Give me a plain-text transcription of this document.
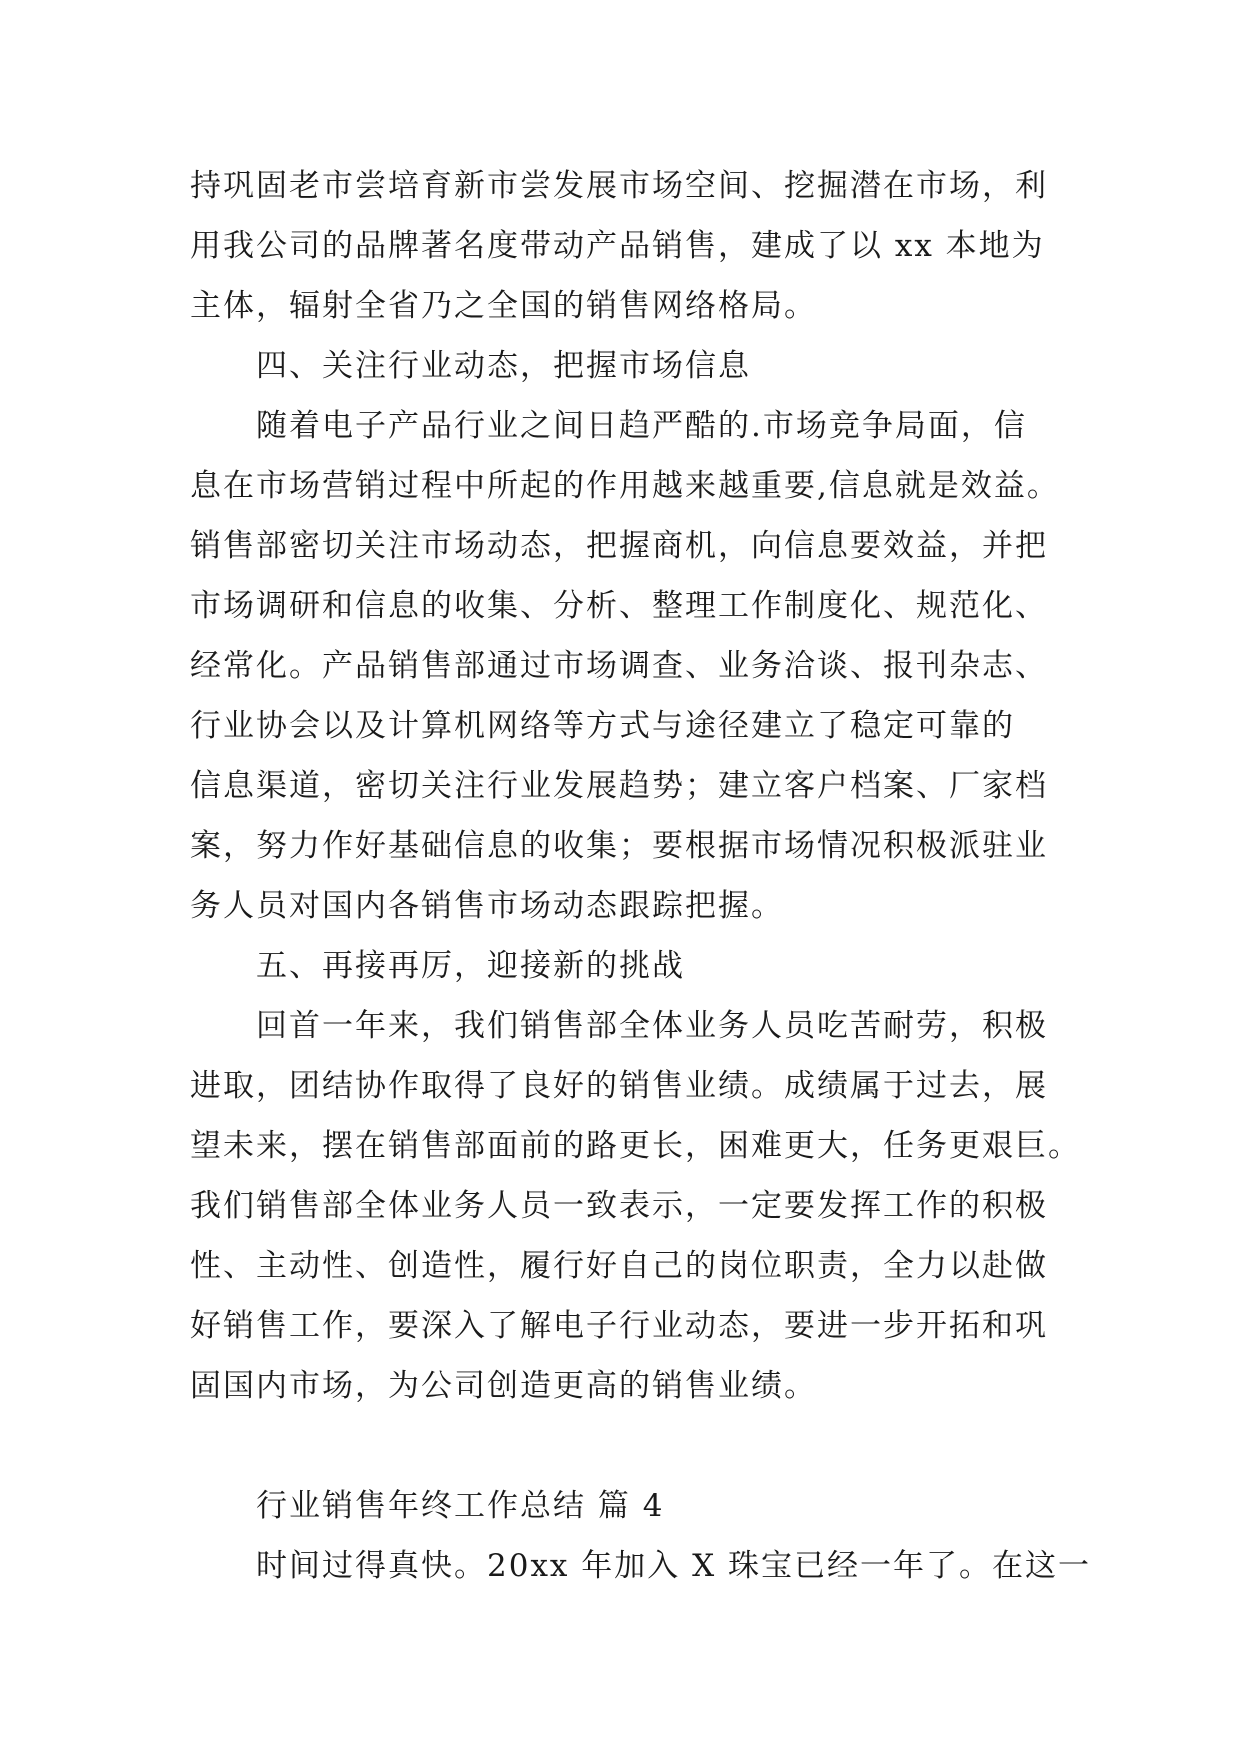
持巩固老市尝培育新市尝发展市场空间、挖掘潜在市场，利
用我公司的品牌著名度带动产品销售，建成了以 xx 本地为
主体，辐射全省乃之全国的销售网络格局。
四、关注行业动态，把握市场信息
随着电子产品行业之间日趋严酷的.市场竞争局面，信
息在市场营销过程中所起的作用越来越重要,信息就是效益。
销售部密切关注市场动态，把握商机，向信息要效益，并把
市场调研和信息的收集、分析、整理工作制度化、规范化、
经常化。产品销售部通过市场调查、业务洽谈、报刊杂志、
行业协会以及计算机网络等方式与途径建立了稳定可靠的
信息渠道，密切关注行业发展趋势；建立客户档案、厂家档
案，努力作好基础信息的收集；要根据市场情况积极派驻业
务人员对国内各销售市场动态跟踪把握。
五、再接再厉，迎接新的挑战
回首一年来，我们销售部全体业务人员吃苦耐劳，积极
进取，团结协作取得了良好的销售业绩。成绩属于过去，展
望未来，摆在销售部面前的路更长，困难更大，任务更艰巨。
我们销售部全体业务人员一致表示，一定要发挥工作的积极
性、主动性、创造性，履行好自己的岗位职责，全力以赴做
好销售工作，要深入了解电子行业动态，要进一步开拓和巩
固国内市场，为公司创造更高的销售业绩。
行业销售年终工作总结 篇 4
时间过得真快。20xx 年加入 X 珠宝已经一年了。在这一
